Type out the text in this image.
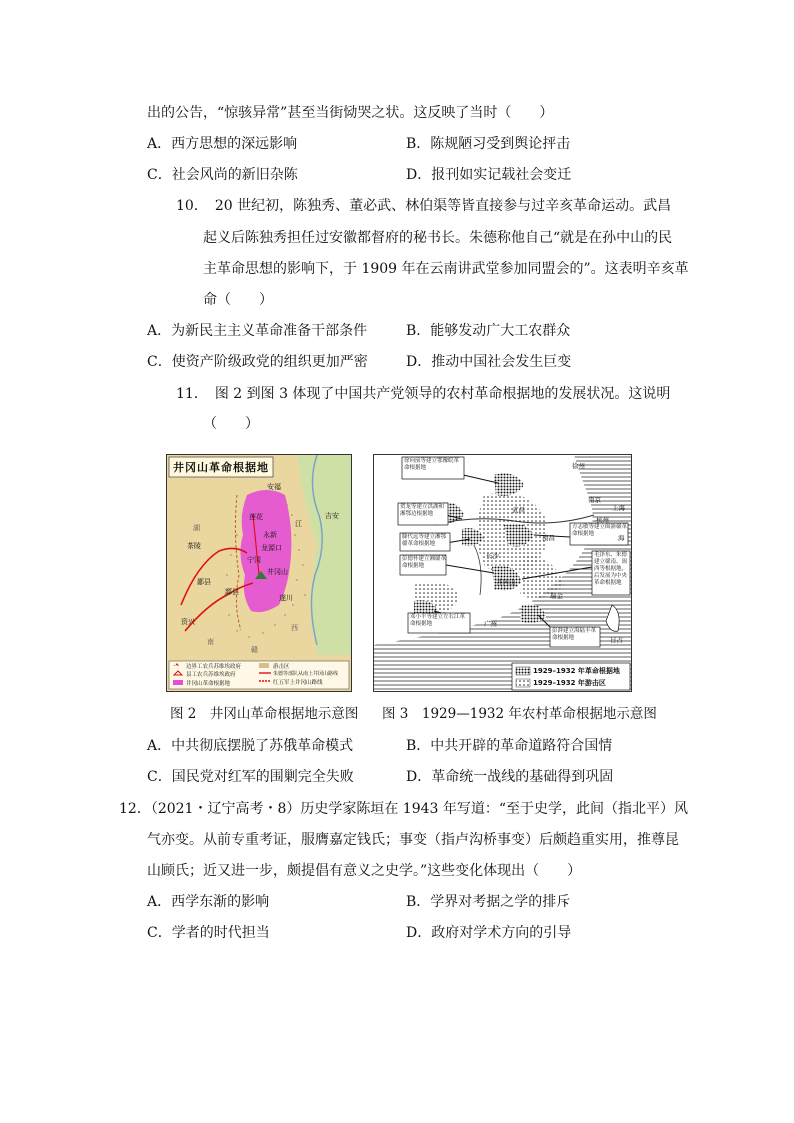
出的公告，“惊骇异常”甚至当街恸哭之状。这反映了当时（　　）
A．西方思想的深远影响	B．陈规陋习受到舆论抨击
C．社会风尚的新旧杂陈	D．报刊如实记载社会变迁
10．　20 世纪初，陈独秀、董必武、林伯渠等皆直接参与过辛亥革命运动。武昌
起义后陈独秀担任过安徽都督府的秘书长。朱德称他自己“就是在孙中山的民
主革命思想的影响下，于 1909 年在云南讲武堂参加同盟会的”。这表明辛亥革
命（　　）
A．为新民主主义革命准备干部条件	B．能够发动广大工农群众
C．使资产阶级政党的组织更加严密	D．推动中国社会发生巨变
11．　图 2 到图 3 体现了中国共产党领导的农村革命根据地的发展状况。这说明
（　　）
井冈山革命根据地
安福
江
吉安
湖
莲花
永新
茶陵	龙源口
宁冈
井冈山
鄙县
遂川
资兴
南
西
酃县
赣
边界工农兵苏维埃政府
县工农兵苏维埃政府
井冈山革命根据地
游击区
朱德等部队从南上井冈山路线
红五军上井冈山路线
徐向前等建立鄂豫皖革命根据地
贺龙等建立洪湖和湘鄂边根据地
滕代远等建立湘鄂赣革命根据地
方志敏等建立闽浙赣革命根据地
彭德怀建立湘赣革命根据地
毛泽东、朱德建立赣南、闽西等根据地，后发展为中央革命根据地
邓小平等建立左右江革命根据地
彭湃建立海陆丰革命根据地
徐州
武昌
南京
上海
杭州
长沙
南昌
井冈山
瑞金
广州
日占
海
1929–1932 年革命根据地
1929–1932 年游击区
图 2　井冈山革命根据地示意图 图 3　1929—1932 年农村革命根据地示意图
A．中共彻底摆脱了苏俄革命模式	B．中共开辟的革命道路符合国情
C．国民党对红军的围剿完全失败	D．革命统一战线的基础得到巩固
12．（2021・辽宁高考・8）历史学家陈垣在 1943 年写道：“至于史学，此间（指北平）风
气亦变。从前专重考证，服膺嘉定钱氏；事变（指卢沟桥事变）后颇趋重实用，推尊昆
山顾氏；近又进一步，颇提倡有意义之史学。”这些变化体现出（　　）
A．西学东渐的影响	B．学界对考据之学的排斥
C．学者的时代担当	D．政府对学术方向的引导
